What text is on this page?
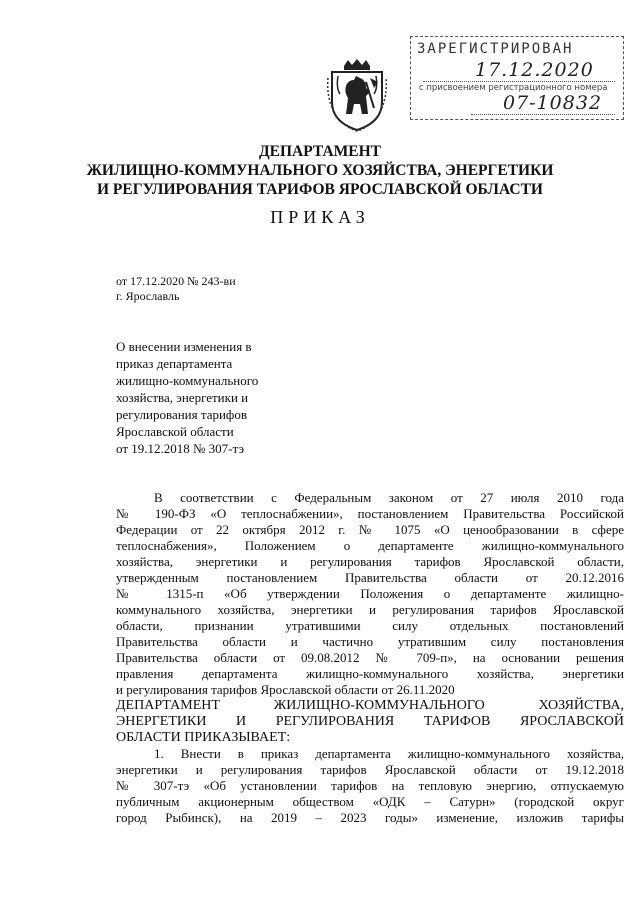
ЗАРЕГИСТРИРОВАН
17.12.2020
с присвоением регистрационного номера
07-10832
ДЕПАРТАМЕНТ
ЖИЛИЩНО-КОММУНАЛЬНОГО ХОЗЯЙСТВА, ЭНЕРГЕТИКИ
И РЕГУЛИРОВАНИЯ ТАРИФОВ ЯРОСЛАВСКОЙ ОБЛАСТИ
ПРИКАЗ
от 17.12.2020 № 243-ви
г. Ярославль
О внесении изменения в
приказ департамента
жилищно-коммунального
хозяйства, энергетики и
регулирования тарифов
Ярославской области
от 19.12.2018 № 307-тэ
В соответствии с Федеральным законом от 27 июля 2010 года
№ 190-ФЗ «О теплоснабжении», постановлением Правительства Российской
Федерации от 22 октября 2012 г. № 1075 «О ценообразовании в сфере
теплоснабжения», Положением о департаменте жилищно-коммунального
хозяйства, энергетики и регулирования тарифов Ярославской области,
утвержденным постановлением Правительства области от 20.12.2016
№ 1315-п «Об утверждении Положения о департаменте жилищно-
коммунального хозяйства, энергетики и регулирования тарифов Ярославской
области, признании утратившими силу отдельных постановлений
Правительства области и частично утратившим силу постановления
Правительства области от 09.08.2012 № 709-п», на основании решения
правления департамента жилищно-коммунального хозяйства, энергетики
и регулирования тарифов Ярославской области от 26.11.2020
ДЕПАРТАМЕНТ ЖИЛИЩНО-КОММУНАЛЬНОГО ХОЗЯЙСТВА,
ЭНЕРГЕТИКИ И РЕГУЛИРОВАНИЯ ТАРИФОВ ЯРОСЛАВСКОЙ
ОБЛАСТИ ПРИКАЗЫВАЕТ:
1. Внести в приказ департамента жилищно-коммунального хозяйства,
энергетики и регулирования тарифов Ярославской области от 19.12.2018
№ 307-тэ «Об установлении тарифов на тепловую энергию, отпускаемую
публичным акционерным обществом «ОДК – Сатурн» (городской округ
город Рыбинск), на 2019 – 2023 годы» изменение, изложив тарифы
